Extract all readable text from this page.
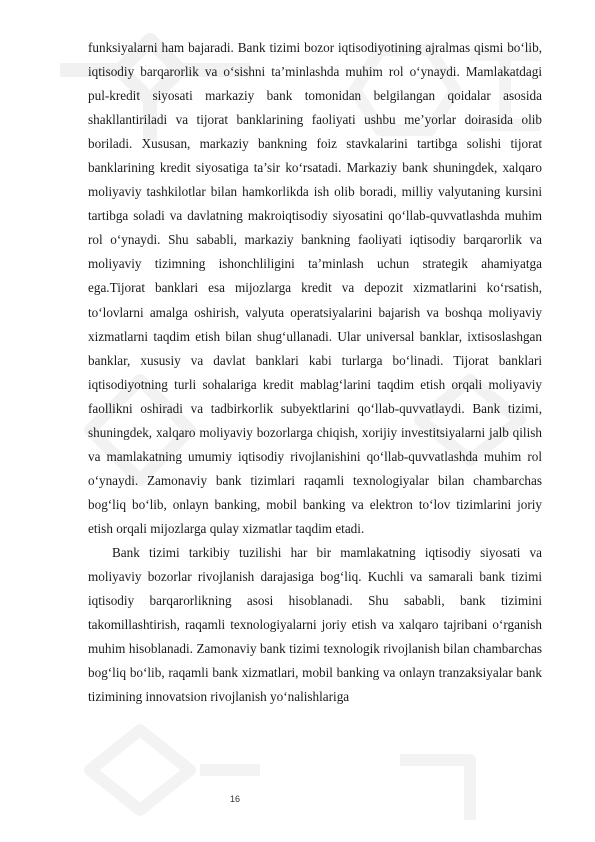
funksiyalarni ham bajaradi. Bank tizimi bozor iqtisodiyotining ajralmas qismi bo‘lib, iqtisodiy barqarorlik va o‘sishni ta’minlashda muhim rol o‘ynaydi. Mamlakatdagi pul-kredit siyosati markaziy bank tomonidan belgilangan qoidalar asosida shakllantiriladi va tijorat banklarining faoliyati ushbu me’yorlar doirasida olib boriladi. Xususan, markaziy bankning foiz stavkalarini tartibga solishi tijorat banklarining kredit siyosatiga ta’sir ko‘rsatadi. Markaziy bank shuningdek, xalqaro moliyaviy tashkilotlar bilan hamkorlikda ish olib boradi, milliy valyutaning kursini tartibga soladi va davlatning makroiqtisodiy siyosatini qo‘llab-quvvatlashda muhim rol o‘ynaydi. Shu sababli, markaziy bankning faoliyati iqtisodiy barqarorlik va moliyaviy tizimning ishonchliligini ta’minlash uchun strategik ahamiyatga ega.Tijorat banklari esa mijozlarga kredit va depozit xizmatlarini ko‘rsatish, to‘lovlarni amalga oshirish, valyuta operatsiyalarini bajarish va boshqa moliyaviy xizmatlarni taqdim etish bilan shug‘ullanadi. Ular universal banklar, ixtisoslashgan banklar, xususiy va davlat banklari kabi turlarga bo‘linadi. Tijorat banklari iqtisodiyotning turli sohalariga kredit mablag‘larini taqdim etish orqali moliyaviy faollikni oshiradi va tadbirkorlik subyektlarini qo‘llab-quvvatlaydi. Bank tizimi, shuningdek, xalqaro moliyaviy bozorlarga chiqish, xorijiy investitsiyalarni jalb qilish va mamlakatning umumiy iqtisodiy rivojlanishini qo‘llab-quvvatlashda muhim rol o‘ynaydi. Zamonaviy bank tizimlari raqamli texnologiyalar bilan chambarchas bog‘liq bo‘lib, onlayn banking, mobil banking va elektron to‘lov tizimlarini joriy etish orqali mijozlarga qulay xizmatlar taqdim etadi.

Bank tizimi tarkibiy tuzilishi har bir mamlakatning iqtisodiy siyosati va moliyaviy bozorlar rivojlanish darajasiga bog‘liq. Kuchli va samarali bank tizimi iqtisodiy barqarorlikning asosi hisoblanadi. Shu sababli, bank tizimini takomillashtirish, raqamli texnologiyalarni joriy etish va xalqaro tajribani o‘rganish muhim hisoblanadi. Zamonaviy bank tizimi texnologik rivojlanish bilan chambarchas bog‘liq bo‘lib, raqamli bank xizmatlari, mobil banking va onlayn tranzaksiyalar bank tizimining innovatsion rivojlanish yo‘nalishlariga

16
